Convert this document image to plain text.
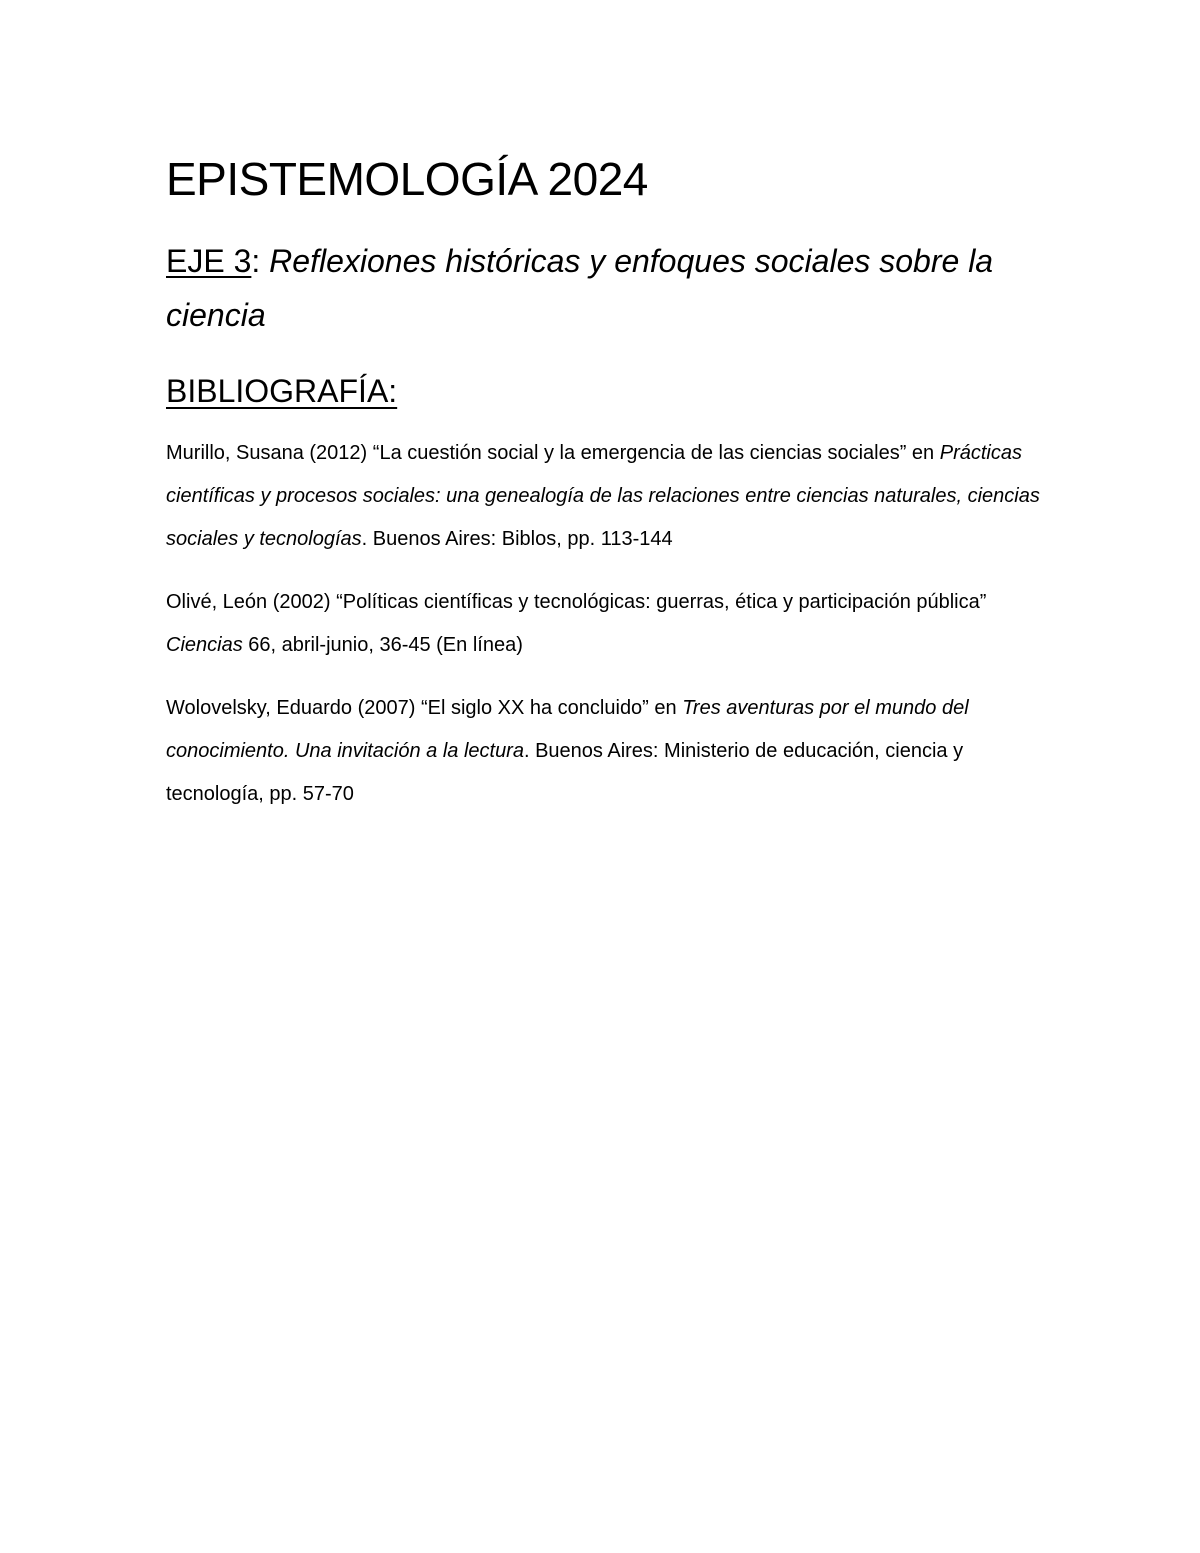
EPISTEMOLOGÍA 2024

EJE 3: Reflexiones históricas y enfoques sociales sobre la ciencia

BIBLIOGRAFÍA:

Murillo, Susana (2012) “La cuestión social y la emergencia de las ciencias sociales” en Prácticas científicas y procesos sociales: una genealogía de las relaciones entre ciencias naturales, ciencias sociales y tecnologías. Buenos Aires: Biblos, pp. 113-144

Olivé, León (2002) “Políticas científicas y tecnológicas: guerras, ética y participación pública” Ciencias 66, abril-junio, 36-45 (En línea)

Wolovelsky, Eduardo (2007) “El siglo XX ha concluido” en Tres aventuras por el mundo del conocimiento. Una invitación a la lectura. Buenos Aires: Ministerio de educación, ciencia y tecnología, pp. 57-70
